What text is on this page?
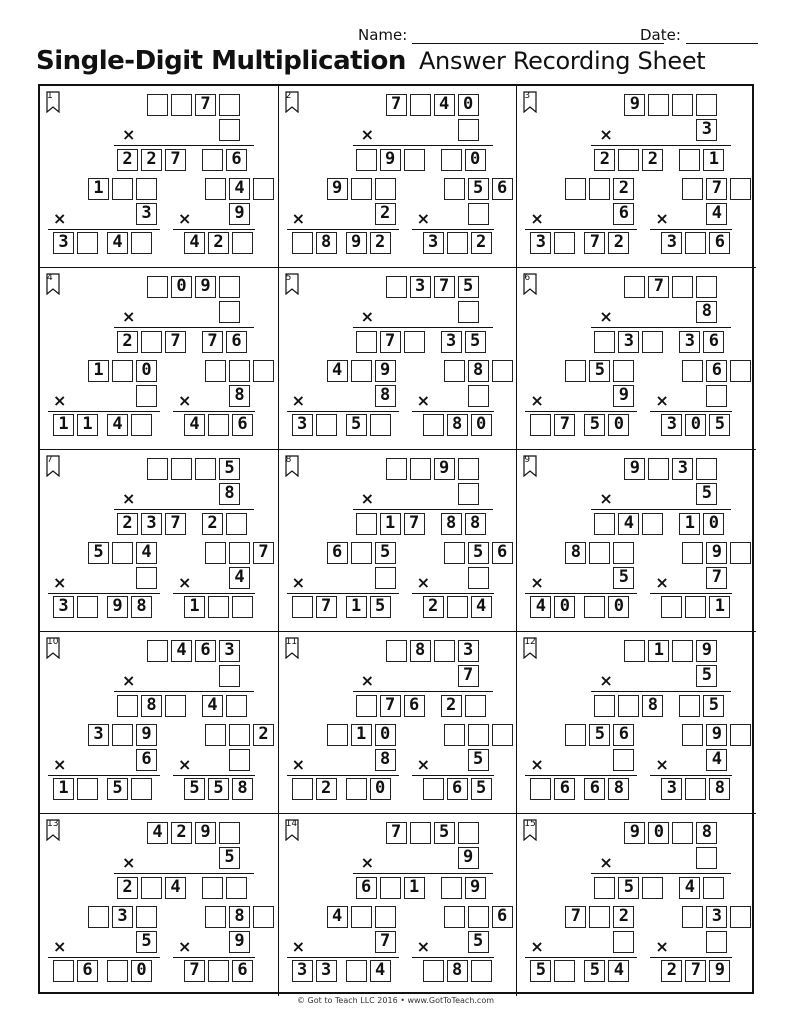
Name:	Date:
Single-Digit Multiplication Answer Recording Sheet
1	7
×
2 2 7	6
1
×	3
3	4
4
×	9
4 2
2	7	4 0
×
9	0
9
×	2
8	9 2
5 6
×
3	2
3	9
×	3
2	2	1
2
×	6
3	7 2
7
×	4
3	6
4	0 9
×
2	7	7 6
1	0
×
1 1	4
×	8
4	6
5	3 7 5
×
7	3 5
4	9
×	8
3	5
8
×
8 0
6	7
×	8
3	3 6
5
×	9
7	5 0
6
×
3 0 5
7	5
×	8
2 3 7	2
5	4
×
3	9 8
7
×	4
1
8	9
×
1 7	8 8
6	5
×
7	1 5
5 6
×
2	4
9	9	3
×	5
4	1 0
8
×	5
4 0	0
9
×	7
1
10	4 6 3
×
8	4
3	9
×	6
1	5
2
×
5 5 8
11	8	3
×	7
7 6	2
1 0
×	8
2	0
×	5
6 5
12	1	9
×	5
8	5
5 6
×
6	6 8
9
×	4
3	8
13	4 2 9
×	5
2	4
3
×	5
6	0
8
×	9
7	6
14	7	5
×	9
6	1	9
4
×	7
3 3	4
6
×	5
8
15	9 0	8
×
5	4
7	2
×
5	5 4
3
×
2 7 9
© Got to Teach LLC 2016 • www.GotToTeach.com
